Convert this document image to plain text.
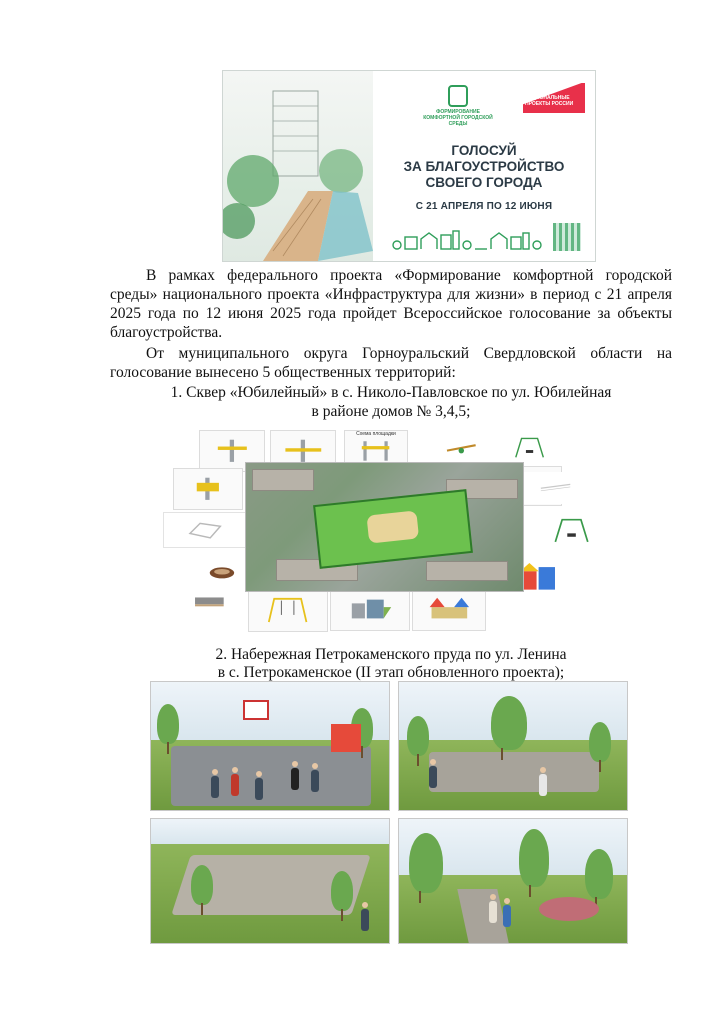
ФОРМИРОВАНИЕ КОМФОРТНОЙ ГОРОДСКОЙ СРЕДЫ
НАЦИОНАЛЬНЫЕ ПРОЕКТЫ РОССИИ
ГОЛОСУЙ
ЗА БЛАГОУСТРОЙСТВО
СВОЕГО ГОРОДА
С 21 АПРЕЛЯ ПО 12 ИЮНЯ
В рамках федерального проекта «Формирование комфортной городской среды» национального проекта «Инфраструктура для жизни» в период с 21 апреля 2025 года по 12 июня 2025 года пройдет Всероссийское голосование за объекты благоустройства.
От муниципального округа Горноуральский Свердловской области на голосование вынесено 5 общественных территорий:
1. Сквер «Юбилейный» в с. Николо-Павловское по ул. Юбилейная
в районе домов № 3,4,5;
Схема площадки
2. Набережная Петрокаменского пруда по ул. Ленина
в с. Петрокаменское (II этап обновленного проекта);
